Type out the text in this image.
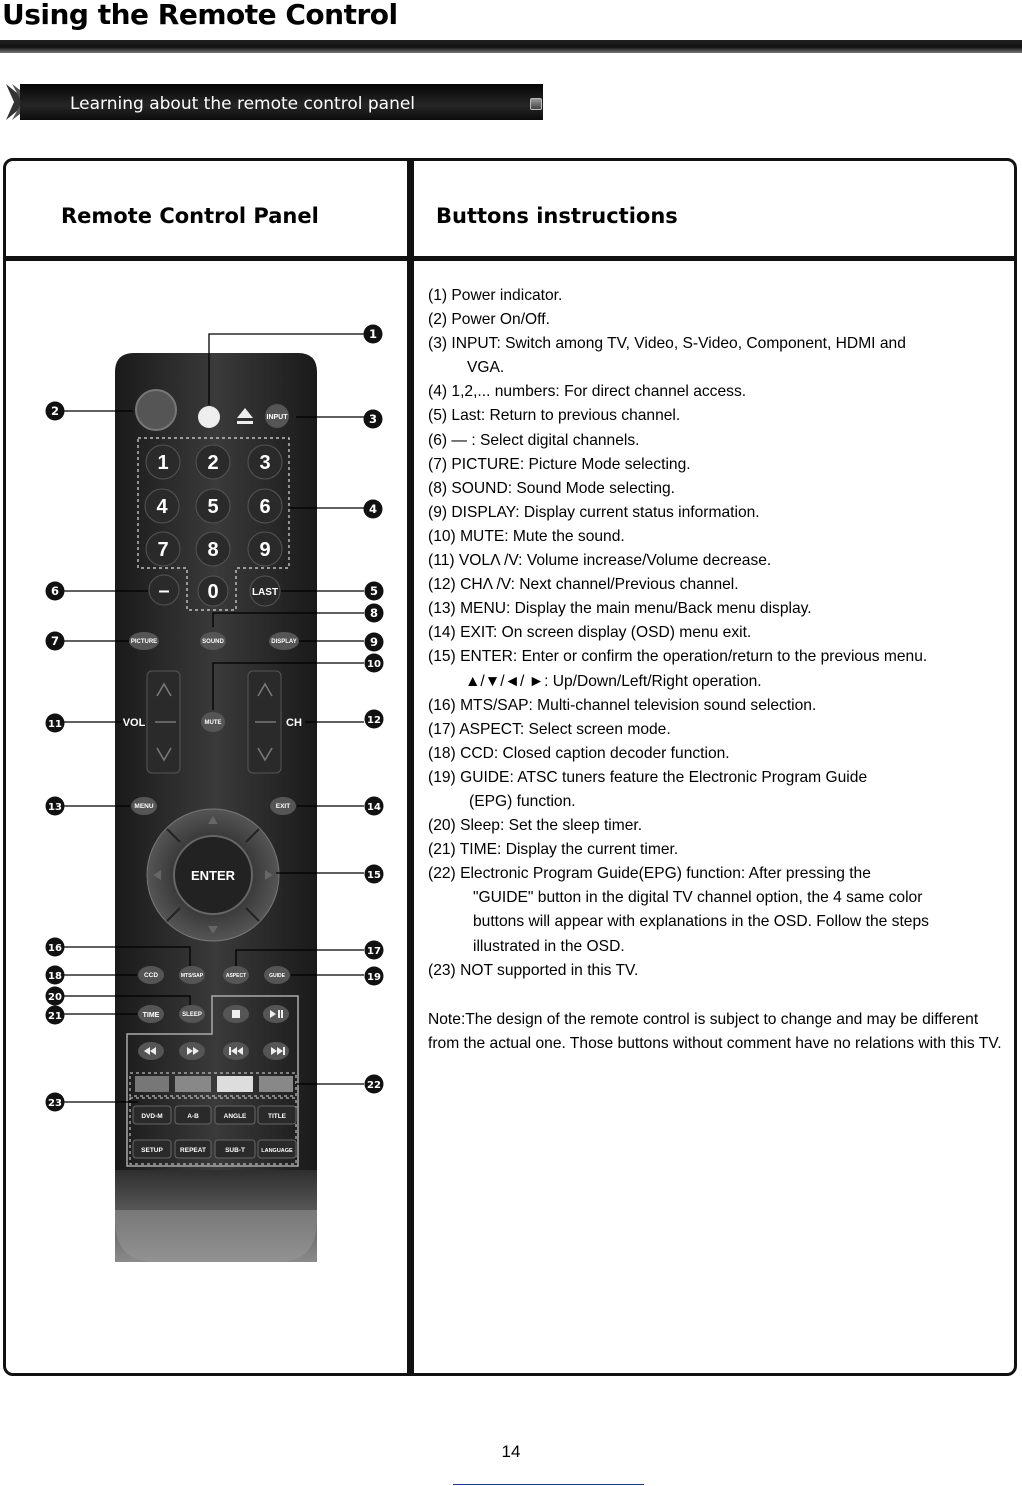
Using the Remote Control
Learning about the remote control panel
Remote Control Panel	Buttons instructions
INPUT
1 2 3
4 5 6
7 8 9
– 0	LAST
PICTURE	SOUND	DISPLAY
VOL	CH
MUTE
MENU	EXIT
ENTER
CCD	MTS/SAP	ASPECT	GUIDE
TIME	SLEEP
DVD-M	A-B	ANGLE	TITLE
SETUP	REPEAT	SUB-T	LANGUAGE
1
2
3
4
5
6
7
8
9
10
11	12
13	14
15
16	17
18	19
20
21
22
23
(1) Power indicator.
(2) Power On/Off.
(3) INPUT: Switch among TV, Video, S-Video, Component, HDMI and
VGA.
(4) 1,2,... numbers: For direct channel access.
(5) Last: Return to previous channel.
(6) — : Select digital channels.
(7) PICTURE: Picture Mode selecting.
(8) SOUND: Sound Mode selecting.
(9) DISPLAY: Display current status information.
(10) MUTE: Mute the sound.
(11) VOLΛ /V: Volume increase/Volume decrease.
(12) CHΛ /V: Next channel/Previous channel.
(13) MENU: Display the main menu/Back menu display.
(14) EXIT: On screen display (OSD) menu exit.
(15) ENTER: Enter or confirm the operation/return to the previous menu.
▲/▼/◄/ ►: Up/Down/Left/Right operation.
(16) MTS/SAP: Multi-channel television sound selection.
(17) ASPECT: Select screen mode.
(18) CCD: Closed caption decoder function.
(19) GUIDE: ATSC tuners feature the Electronic Program Guide
(EPG) function.
(20) Sleep: Set the sleep timer.
(21) TIME: Display the current timer.
(22) Electronic Program Guide(EPG) function: After pressing the
"GUIDE" button in the digital TV channel option, the 4 same color
buttons will appear with explanations in the OSD. Follow the steps
illustrated in the OSD.
(23) NOT supported in this TV.

Note:The design of the remote control is subject to change and may be different from the actual one. Those buttons without comment have no relations with this TV.

14
